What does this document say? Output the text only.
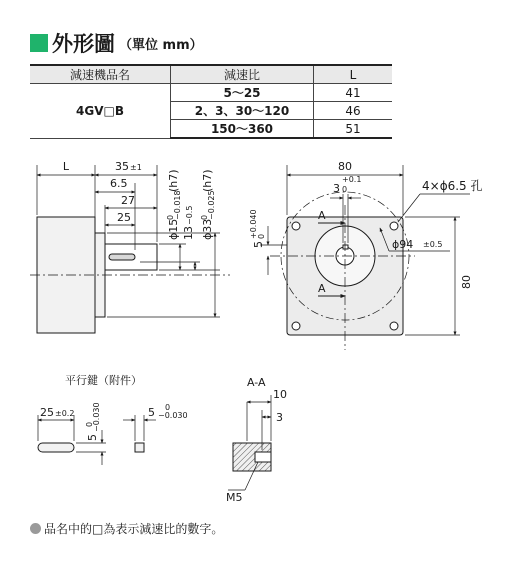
外形圖 （單位 mm）
減速機品名	減速比	L
4GV□B	5～25	41
	2、3、30～120	46
	150～360	51
L	35 ±1
6.5
27
25
ϕ15
0
−0.018
(h7)
13
−0.5
ϕ33
0
−0.025
(h7)
80
3
+0.1
0	4×ϕ6.5 孔
ϕ94 ±0.5
80
5
+0.040 0
A
A
平行鍵（附件）
25 ±0.2
5
0
−0.030	5 0
−0.030
A-A
10
3
M5
品名中的□為表示減速比的數字。
